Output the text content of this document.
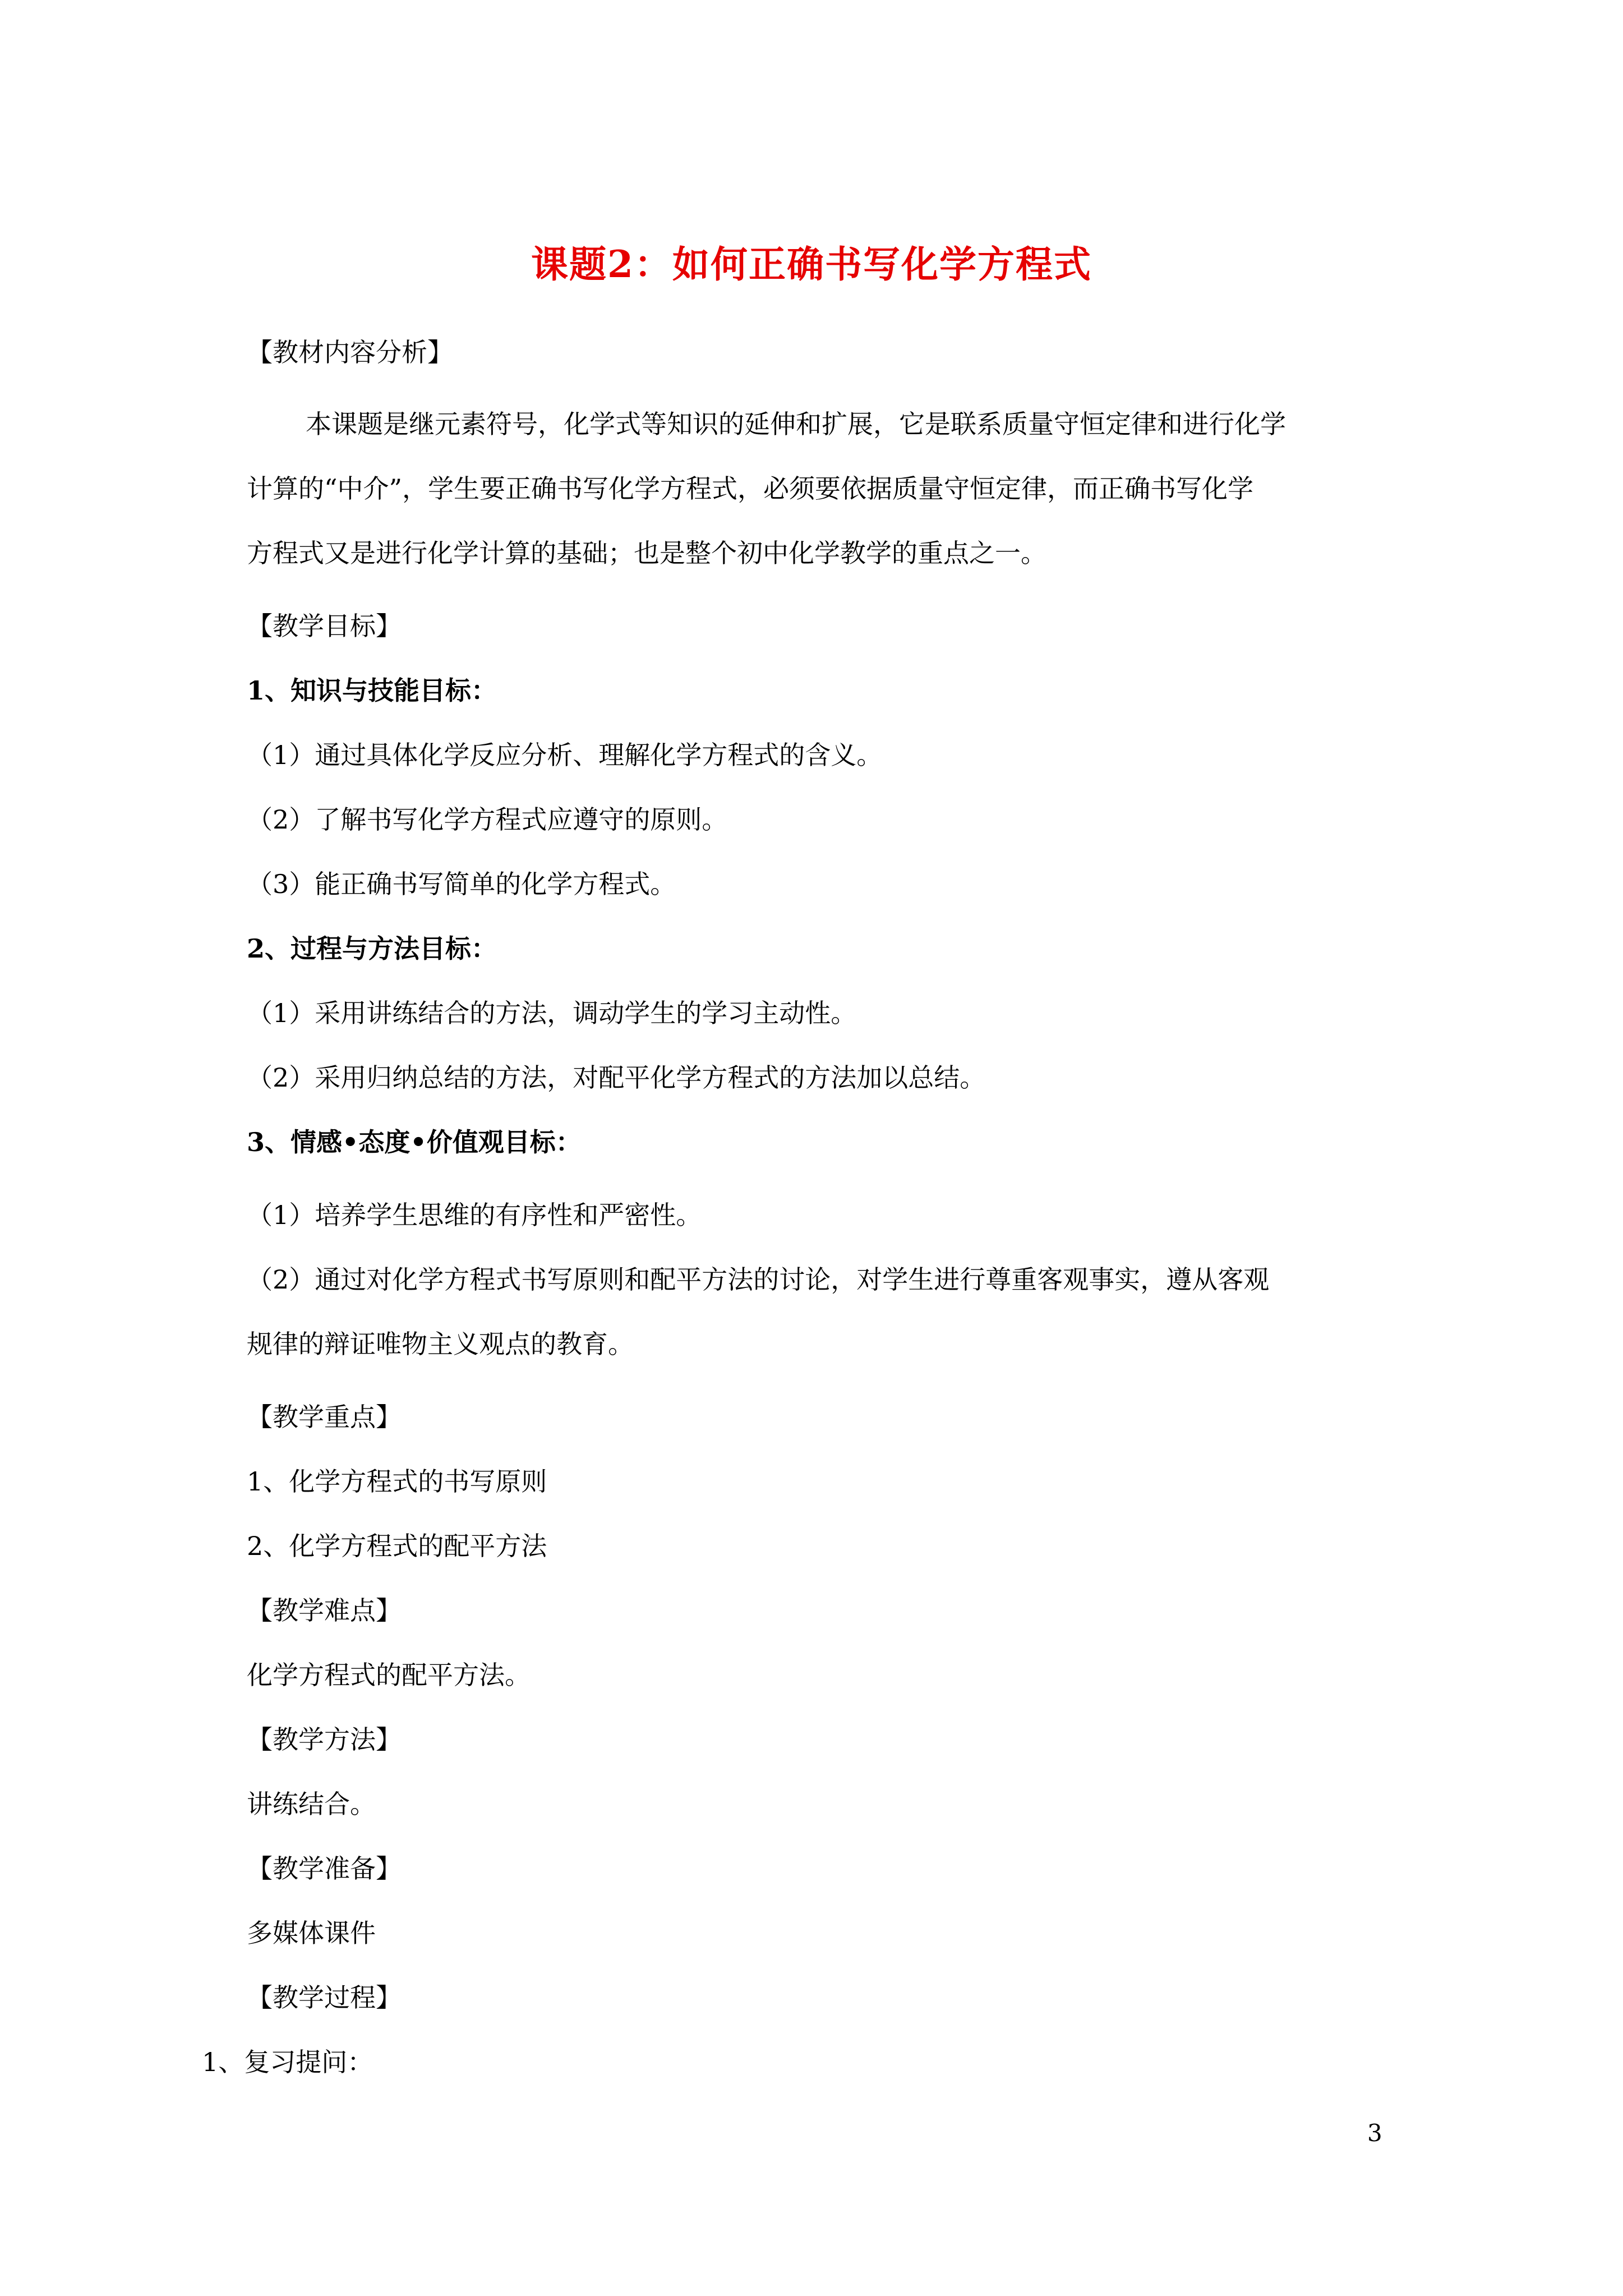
课题2：如何正确书写化学方程式
【教材内容分析】
本课题是继元素符号，化学式等知识的延伸和扩展，它是联系质量守恒定律和进行化学
计算的“中介”，学生要正确书写化学方程式，必须要依据质量守恒定律，而正确书写化学
方程式又是进行化学计算的基础；也是整个初中化学教学的重点之一。
【教学目标】
1、知识与技能目标：
（1）通过具体化学反应分析、理解化学方程式的含义。
（2）了解书写化学方程式应遵守的原则。
（3）能正确书写简单的化学方程式。
2、过程与方法目标：
（1）采用讲练结合的方法，调动学生的学习主动性。
（2）采用归纳总结的方法，对配平化学方程式的方法加以总结。
3、情感•态度•价值观目标：
（1）培养学生思维的有序性和严密性。
（2）通过对化学方程式书写原则和配平方法的讨论，对学生进行尊重客观事实，遵从客观
规律的辩证唯物主义观点的教育。
【教学重点】
1、化学方程式的书写原则
2、化学方程式的配平方法
【教学难点】
化学方程式的配平方法。
【教学方法】
讲练结合。
【教学准备】
多媒体课件
【教学过程】
1、复习提问：
3
